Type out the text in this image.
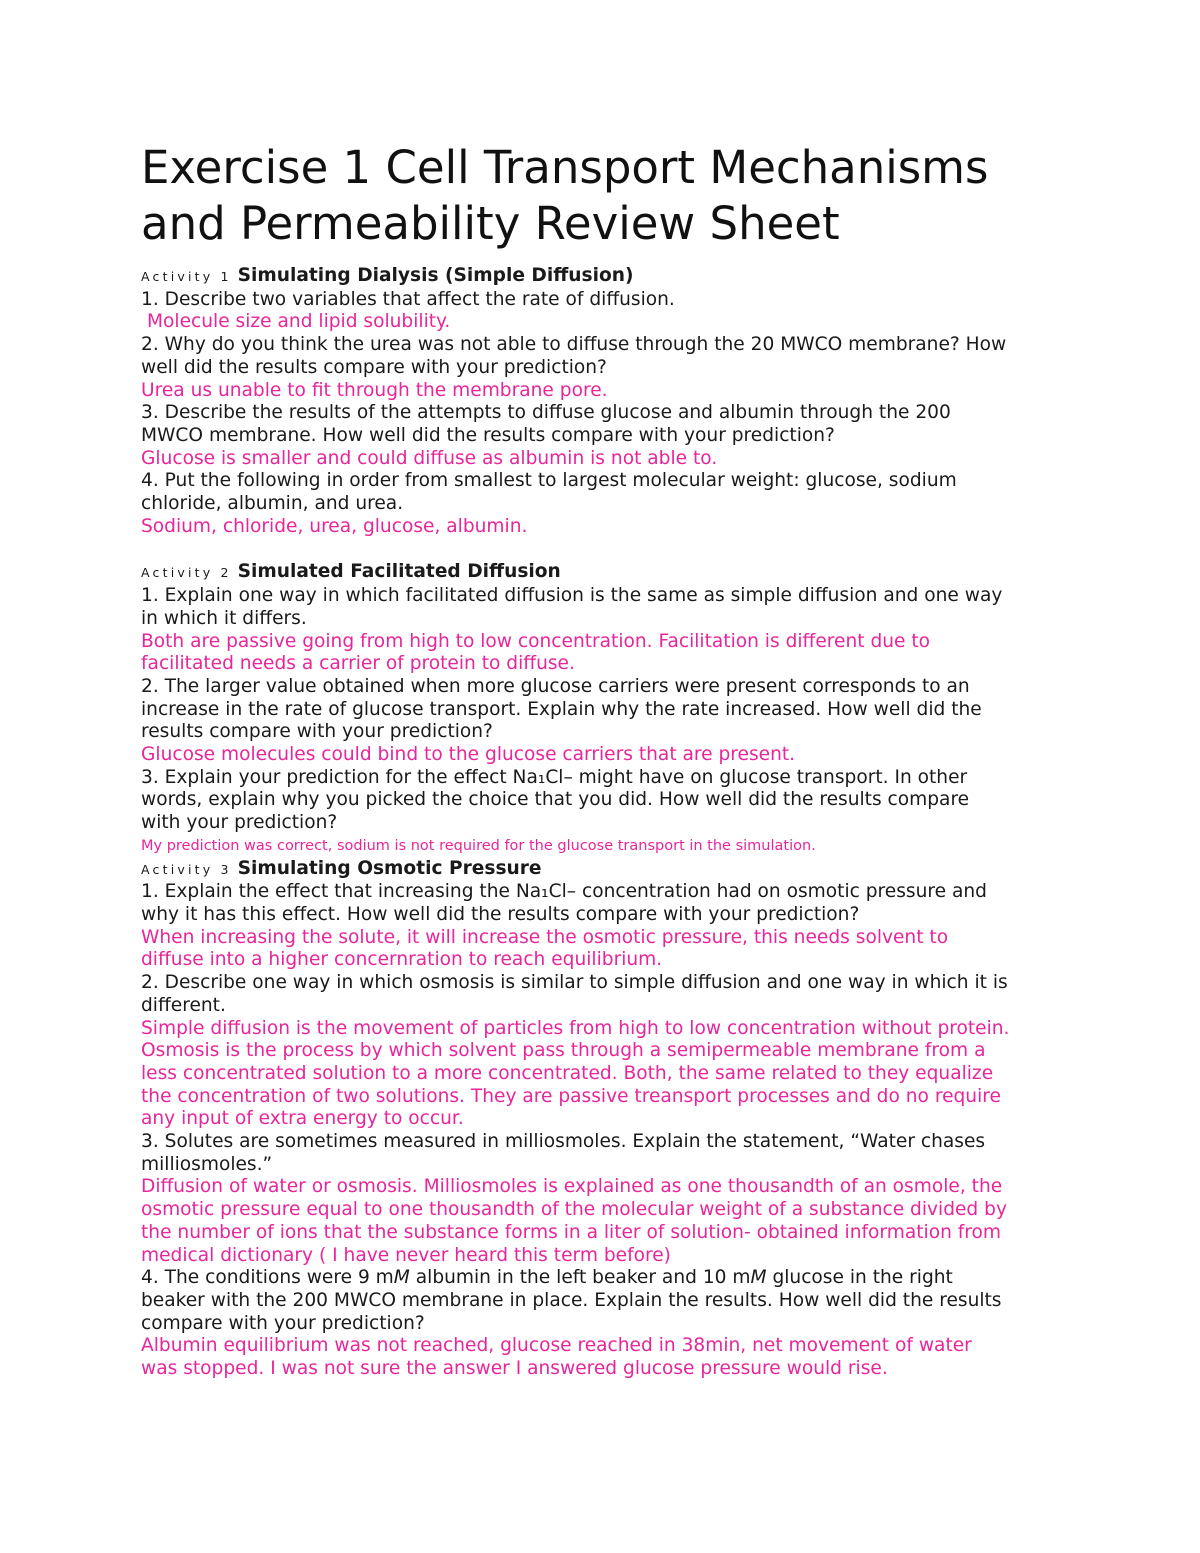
Exercise 1 Cell Transport Mechanisms
and Permeability Review Sheet
Activity 1 Simulating Dialysis (Simple Diffusion)
1. Describe two variables that affect the rate of diffusion.
Molecule size and lipid solubility.
2. Why do you think the urea was not able to diffuse through the 20 MWCO membrane? How
well did the results compare with your prediction?
Urea us unable to fit through the membrane pore.
3. Describe the results of the attempts to diffuse glucose and albumin through the 200
MWCO membrane. How well did the results compare with your prediction?
Glucose is smaller and could diffuse as albumin is not able to.
4. Put the following in order from smallest to largest molecular weight: glucose, sodium
chloride, albumin, and urea.
Sodium, chloride, urea, glucose, albumin.
Activity 2 Simulated Facilitated Diffusion
1. Explain one way in which facilitated diffusion is the same as simple diffusion and one way
in which it differs.
Both are passive going from high to low concentration. Facilitation is different due to
facilitated needs a carrier of protein to diffuse.
2. The larger value obtained when more glucose carriers were present corresponds to an
increase in the rate of glucose transport. Explain why the rate increased. How well did the
results compare with your prediction?
Glucose molecules could bind to the glucose carriers that are present.
3. Explain your prediction for the effect Na₁Cl– might have on glucose transport. In other
words, explain why you picked the choice that you did. How well did the results compare
with your prediction?
My prediction was correct, sodium is not required for the glucose transport in the simulation.
Activity 3 Simulating Osmotic Pressure
1. Explain the effect that increasing the Na₁Cl– concentration had on osmotic pressure and
why it has this effect. How well did the results compare with your prediction?
When increasing the solute, it will increase the osmotic pressure, this needs solvent to
diffuse into a higher concernration to reach equilibrium.
2. Describe one way in which osmosis is similar to simple diffusion and one way in which it is
different.
Simple diffusion is the movement of particles from high to low concentration without protein.
Osmosis is the process by which solvent pass through a semipermeable membrane from a
less concentrated solution to a more concentrated. Both, the same related to they equalize
the concentration of two solutions. They are passive treansport processes and do no require
any input of extra energy to occur.
3. Solutes are sometimes measured in milliosmoles. Explain the statement, “Water chases
milliosmoles.”
Diffusion of water or osmosis. Milliosmoles is explained as one thousandth of an osmole, the
osmotic pressure equal to one thousandth of the molecular weight of a substance divided by
the number of ions that the substance forms in a liter of solution- obtained information from
medical dictionary ( I have never heard this term before)
4. The conditions were 9 mM albumin in the left beaker and 10 mM glucose in the right
beaker with the 200 MWCO membrane in place. Explain the results. How well did the results
compare with your prediction?
Albumin equilibrium was not reached, glucose reached in 38min, net movement of water
was stopped. I was not sure the answer I answered glucose pressure would rise.
